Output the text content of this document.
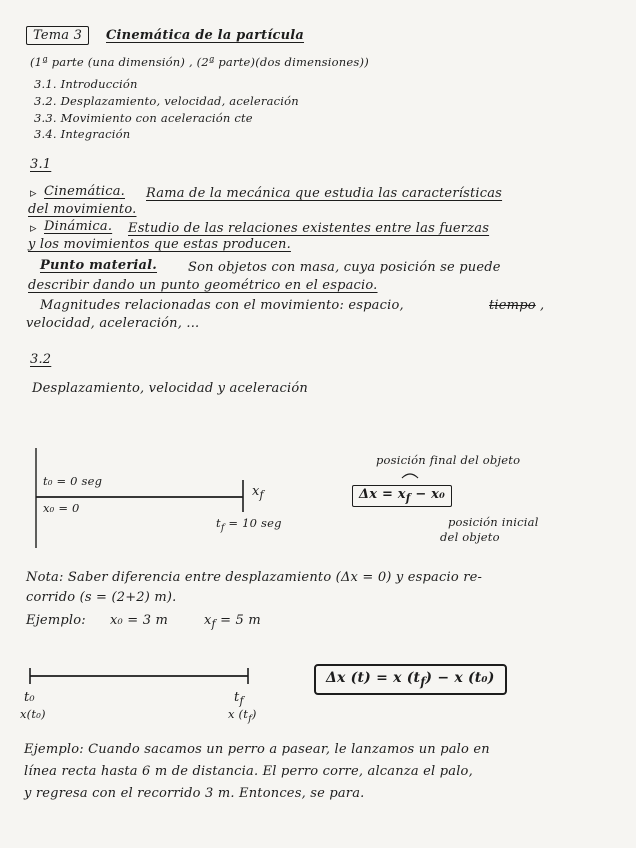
Tema 3	Cinemática de la partícula
(1ª parte (una dimensión) , (2ª parte)(dos dimensiones))
3.1. Introducción
3.2. Desplazamiento, velocidad, aceleración
3.3. Movimiento con aceleración cte
3.4. Integración
3.1
▹ Cinemática. Rama de la mecánica que estudia las características
del movimiento.
▹ Dinámica. Estudio de las relaciones existentes entre las fuerzas
y los movimientos que estas producen.
Punto material. Son objetos con masa, cuya posición se puede
describir dando un punto geométrico en el espacio.
Magnitudes relacionadas con el movimiento: espacio,	tiempo ,
velocidad, aceleración, ...
3.2
Desplazamiento, velocidad y aceleración
t₀ = 0 seg
x₀ = 0
$x_f$
$t_f = 10$ seg
posición final del objeto
$\Delta x = x_f - x_0$
posición inicial
del objeto
Nota: Saber diferencia entre desplazamiento (Δx = 0) y espacio re-
corrido (s = (2+2) m).
Ejemplo: x₀ = 3 m	$x_f = 5$ m
t₀
x(t₀)
$t_f$
x $(t_f)$
Δx (t) = x $(t_f) - x$ (t₀)
Ejemplo: Cuando sacamos un perro a pasear, le lanzamos un palo en
línea recta hasta 6 m de distancia. El perro corre, alcanza el palo,
y regresa con el recorrido 3 m. Entonces, se para.
